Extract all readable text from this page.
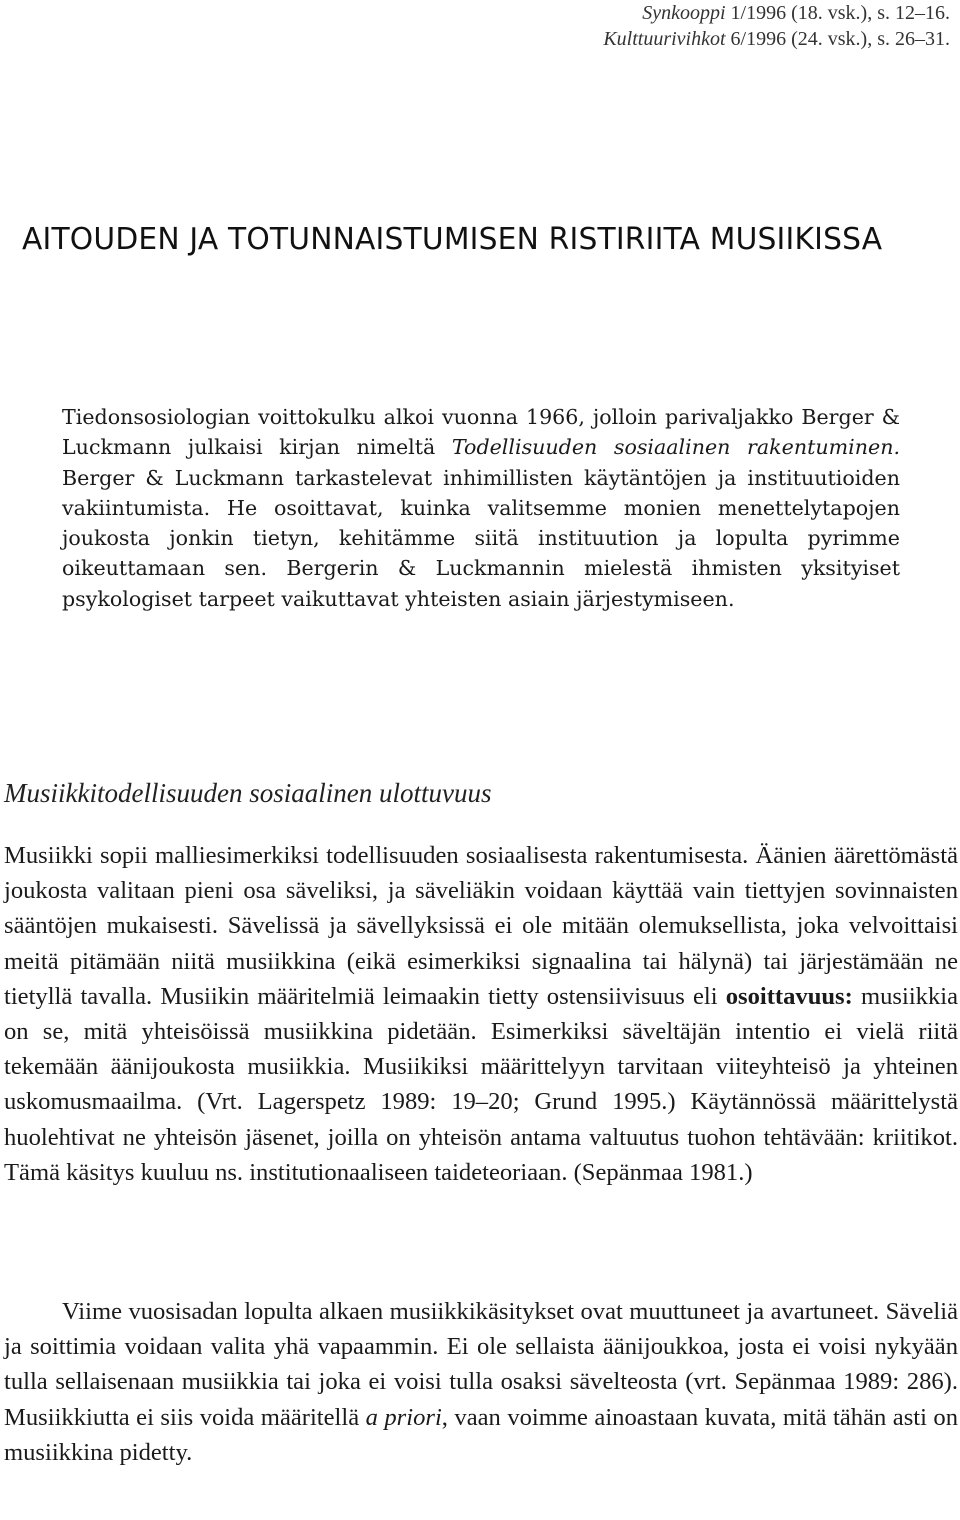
Synkooppi 1/1996 (18. vsk.), s. 12–16.
Kulttuurivihkot 6/1996 (24. vsk.), s. 26–31.
AITOUDEN JA TOTUNNAISTUMISEN RISTIRIITA MUSIIKISSA

Tiedonsosiologian voittokulku alkoi vuonna 1966, jolloin parivaljakko Berger & Luckmann julkaisi kirjan nimeltä Todellisuuden sosiaalinen rakentuminen. Berger & Luckmann tarkastelevat inhimillisten käytäntöjen ja instituutioiden vakiintumista. He osoittavat, kuinka valitsemme monien menettelytapojen joukosta jonkin tietyn, kehitämme siitä instituution ja lopulta pyrimme oikeuttamaan sen. Bergerin & Luckmannin mielestä ihmisten yksityiset psykologiset tarpeet vaikuttavat yhteisten asiain järjestymiseen.

Musiikkitodellisuuden sosiaalinen ulottuvuus

Musiikki sopii malliesimerkiksi todellisuuden sosiaalisesta rakentumisesta. Äänien äärettömästä joukosta valitaan pieni osa säveliksi, ja säveliäkin voidaan käyttää vain tiettyjen sovinnaisten sääntöjen mukaisesti. Sävelissä ja sävellyksissä ei ole mitään olemuksellista, joka velvoittaisi meitä pitämään niitä musiikkina (eikä esimerkiksi signaalina tai hälynä) tai järjestämään ne tietyllä tavalla. Musiikin määritelmiä leimaakin tietty ostensiivisuus eli osoittavuus: musiikkia on se, mitä yhteisöissä musiikkina pidetään. Esimerkiksi säveltäjän intentio ei vielä riitä tekemään äänijoukosta musiikkia. Musiikiksi määrittelyyn tarvitaan viiteyhteisö ja yhteinen uskomusmaailma. (Vrt. Lagerspetz 1989: 19–20; Grund 1995.) Käytännössä määrittelystä huolehtivat ne yhteisön jäsenet, joilla on yhteisön antama valtuutus tuohon tehtävään: kriitikot. Tämä käsitys kuuluu ns. institutionaaliseen taideteoriaan. (Sepänmaa 1981.)

Viime vuosisadan lopulta alkaen musiikkikäsitykset ovat muuttuneet ja avartuneet. Säveliä ja soittimia voidaan valita yhä vapaammin. Ei ole sellaista äänijoukkoa, josta ei voisi nykyään tulla sellaisenaan musiikkia tai joka ei voisi tulla osaksi sävelteosta (vrt. Sepänmaa 1989: 286). Musiikkiutta ei siis voida määritellä a priori, vaan voimme ainoastaan kuvata, mitä tähän asti on musiikkina pidetty.
